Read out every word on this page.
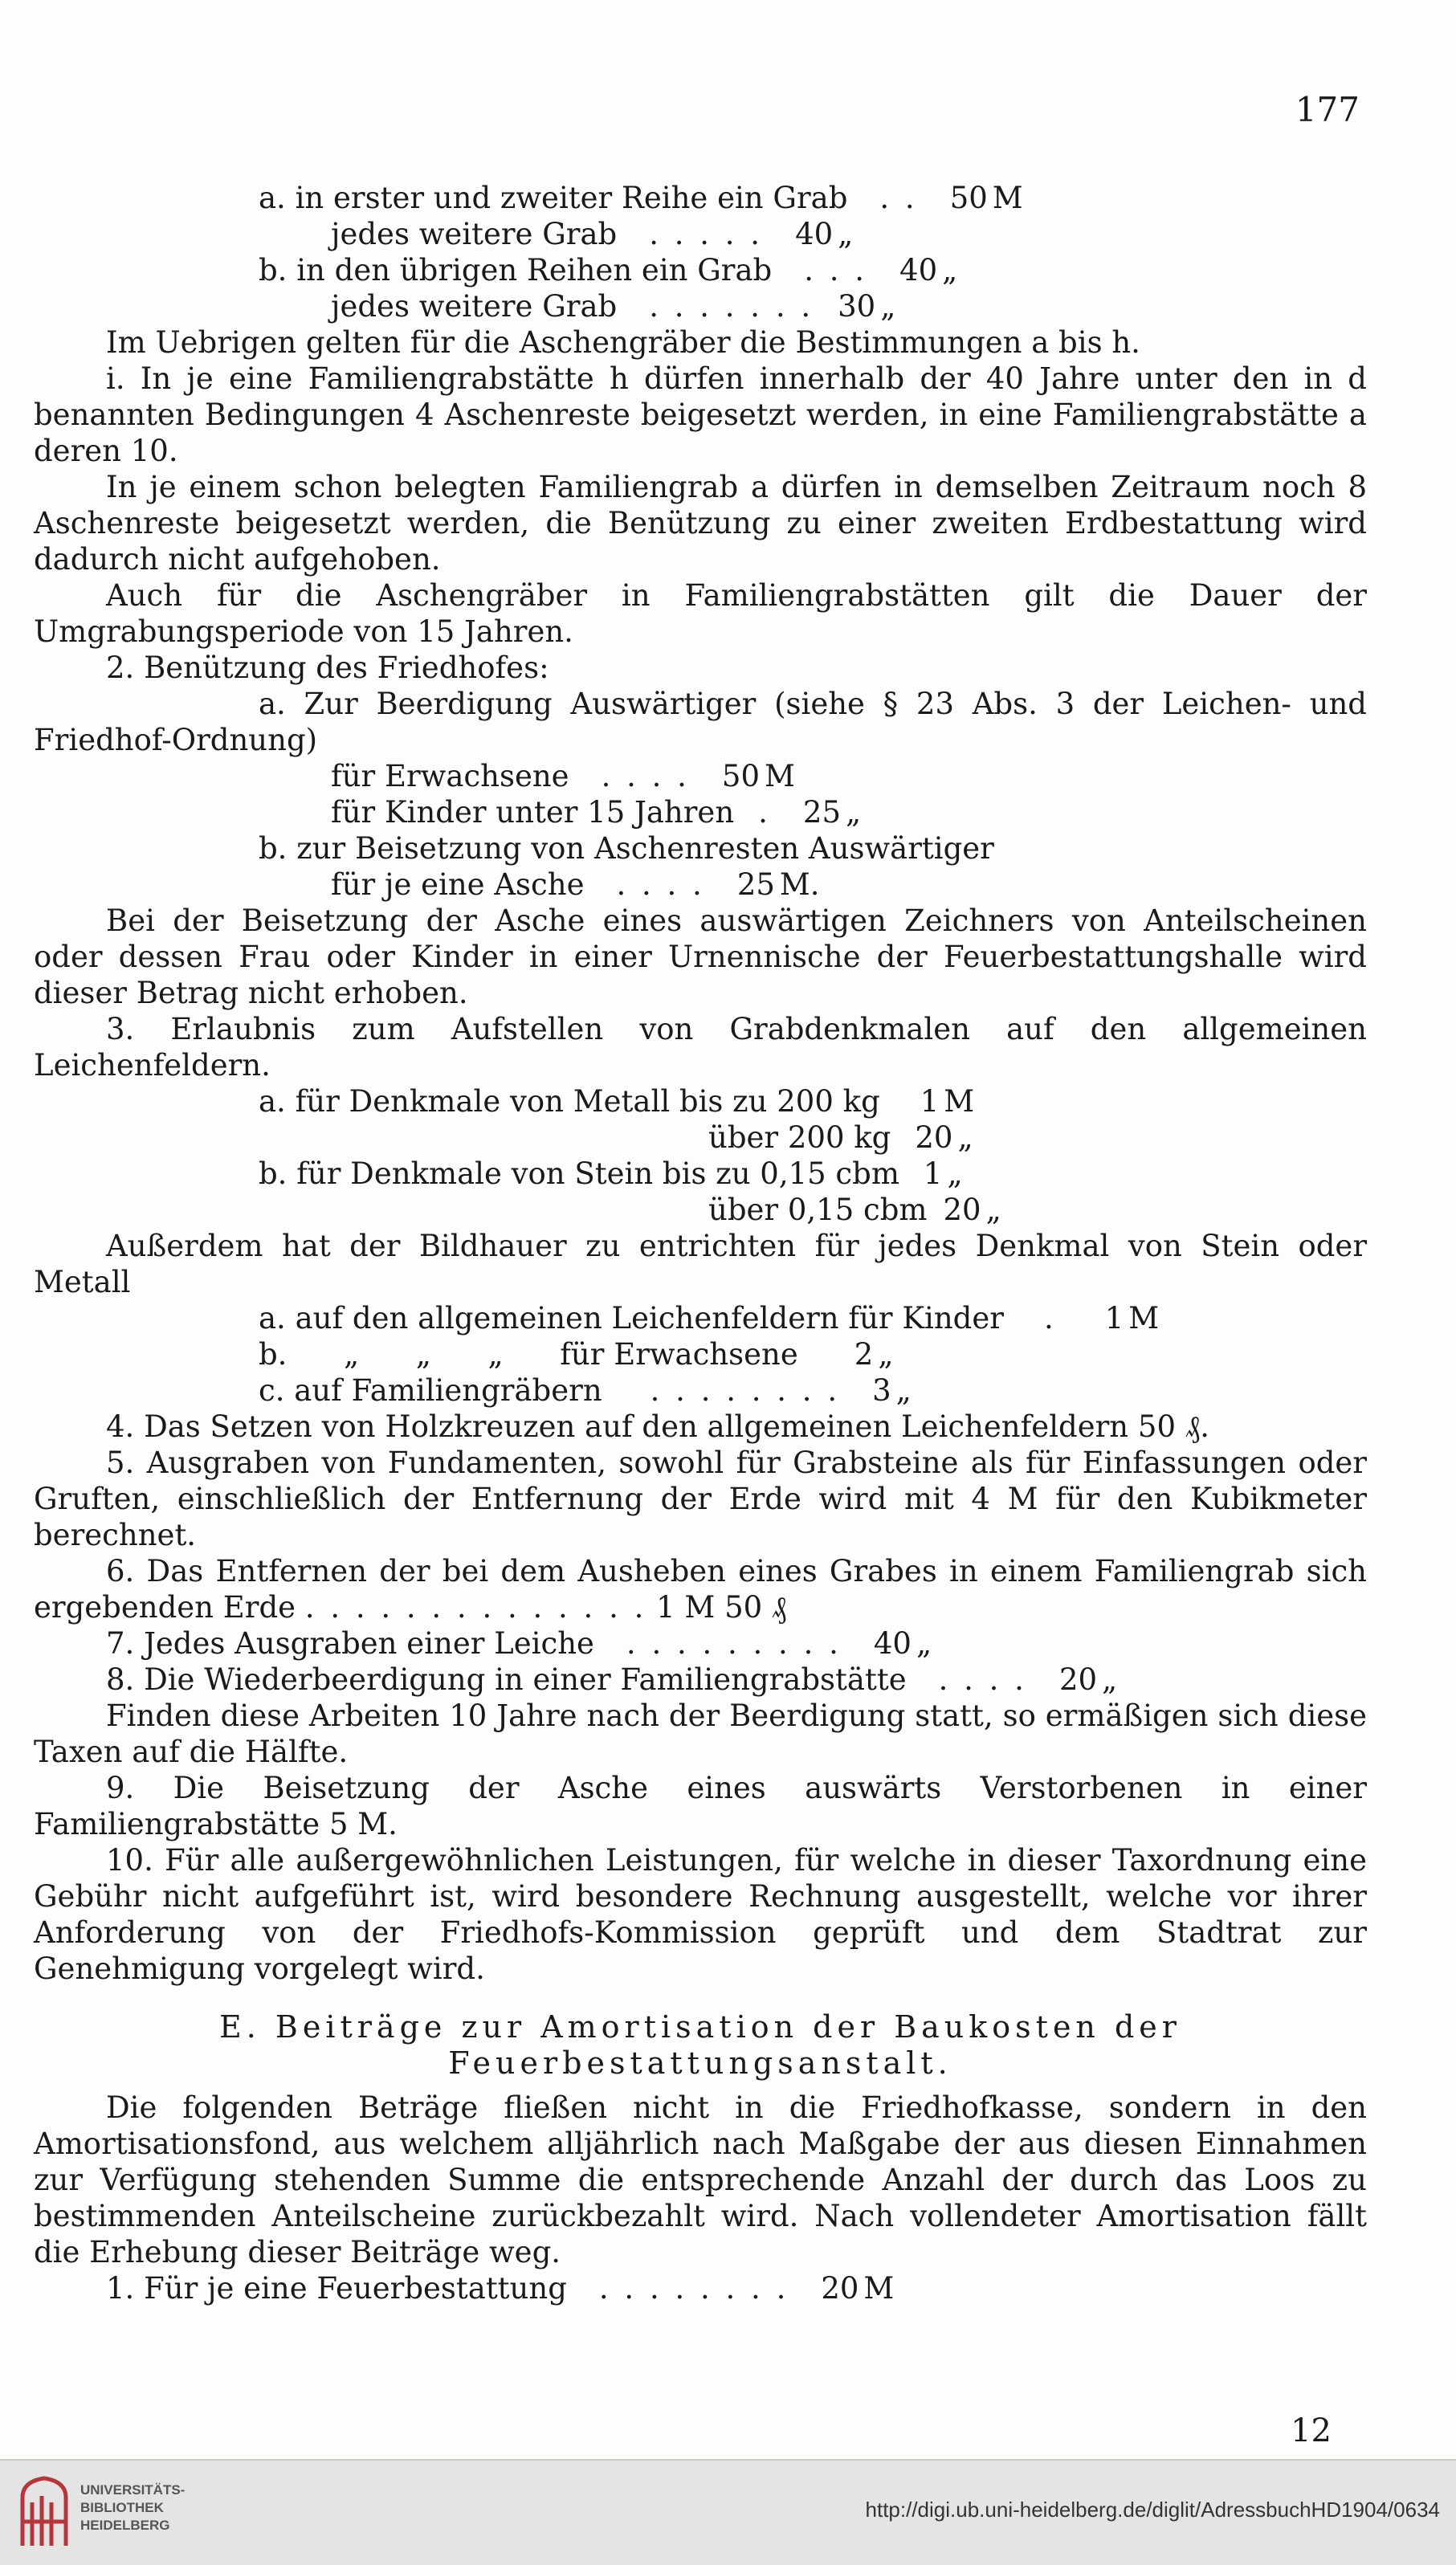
177
a. in erster und zweiter Reihe ein Grab . . 50 M
jedes weitere Grab . . . . . 40 „
b. in den übrigen Reihen ein Grab . . . 40 „
jedes weitere Grab . . . . . . . 30 „

Im Uebrigen gelten für die Aschengräber die Bestimmungen a bis h.

i. In je eine Familiengrabstätte h dürfen innerhalb der 40 Jahre unter den in d benannten Bedingungen 4 Aschenreste beigesetzt werden, in eine Familiengrabstätte a deren 10.

In je einem schon belegten Familiengrab a dürfen in demselben Zeitraum noch 8 Aschenreste beigesetzt werden, die Benützung zu einer zweiten Erdbestattung wird dadurch nicht aufgehoben.

Auch für die Aschengräber in Familiengrabstätten gilt die Dauer der Umgrabungsperiode von 15 Jahren.

2. Benützung des Friedhofes:

a. Zur Beerdigung Auswärtiger (siehe § 23 Abs. 3 der Leichen- und Friedhof-Ordnung)

für Erwachsene . . . . 50 M
für Kinder unter 15 Jahren . 25 „

b. zur Beisetzung von Aschenresten Auswärtiger

für je eine Asche . . . . 25 M.

Bei der Beisetzung der Asche eines auswärtigen Zeichners von Anteilscheinen oder dessen Frau oder Kinder in einer Urnennische der Feuerbestattungshalle wird dieser Betrag nicht erhoben.

3. Erlaubnis zum Aufstellen von Grabdenkmalen auf den allgemeinen Leichenfeldern.

a. für Denkmale von Metall bis zu 200 kg 1 M
über 200 kg 20 „
b. für Denkmale von Stein bis zu 0,15 cbm 1 „
über 0,15 cbm 20 „

Außerdem hat der Bildhauer zu entrichten für jedes Denkmal von Stein oder Metall

a. auf den allgemeinen Leichenfeldern für Kinder . 1 M
b.      „      „      „      für Erwachsene 2 „
c. auf Familiengräbern . . . . . . . . 3 „

4. Das Setzen von Holzkreuzen auf den allgemeinen Leichenfeldern 50 ₰.

5. Ausgraben von Fundamenten, sowohl für Grabsteine als für Einfassungen oder Gruften, einschließlich der Entfernung der Erde wird mit 4 M für den Kubikmeter berechnet.

6. Das Entfernen der bei dem Ausheben eines Grabes in einem Familiengrab sich ergebenden Erde . . . . . . . . . . . . . . 1 M 50 ₰

7. Jedes Ausgraben einer Leiche . . . . . . . . . 40 „
8. Die Wiederbeerdigung in einer Familiengrabstätte . . . . 20 „

Finden diese Arbeiten 10 Jahre nach der Beerdigung statt, so ermäßigen sich diese Taxen auf die Hälfte.

9. Die Beisetzung der Asche eines auswärts Verstorbenen in einer Familiengrabstätte 5 M.

10. Für alle außergewöhnlichen Leistungen, für welche in dieser Taxordnung eine Gebühr nicht aufgeführt ist, wird besondere Rechnung ausgestellt, welche vor ihrer Anforderung von der Friedhofs-Kommission geprüft und dem Stadtrat zur Genehmigung vorgelegt wird.

E. Beiträge zur Amortisation der Baukosten der Feuerbestattungsanstalt.

Die folgenden Beträge fließen nicht in die Friedhofkasse, sondern in den Amortisationsfond, aus welchem alljährlich nach Maßgabe der aus diesen Einnahmen zur Verfügung stehenden Summe die entsprechende Anzahl der durch das Loos zu bestimmenden Anteilscheine zurückbezahlt wird. Nach vollendeter Amortisation fällt die Erhebung dieser Beiträge weg.

1. Für je eine Feuerbestattung . . . . . . . . 20 M
12
UNIVERSITÄTS-
BIBLIOTHEK
HEIDELBERG
http://digi.ub.uni-heidelberg.de/diglit/AdressbuchHD1904/0634
